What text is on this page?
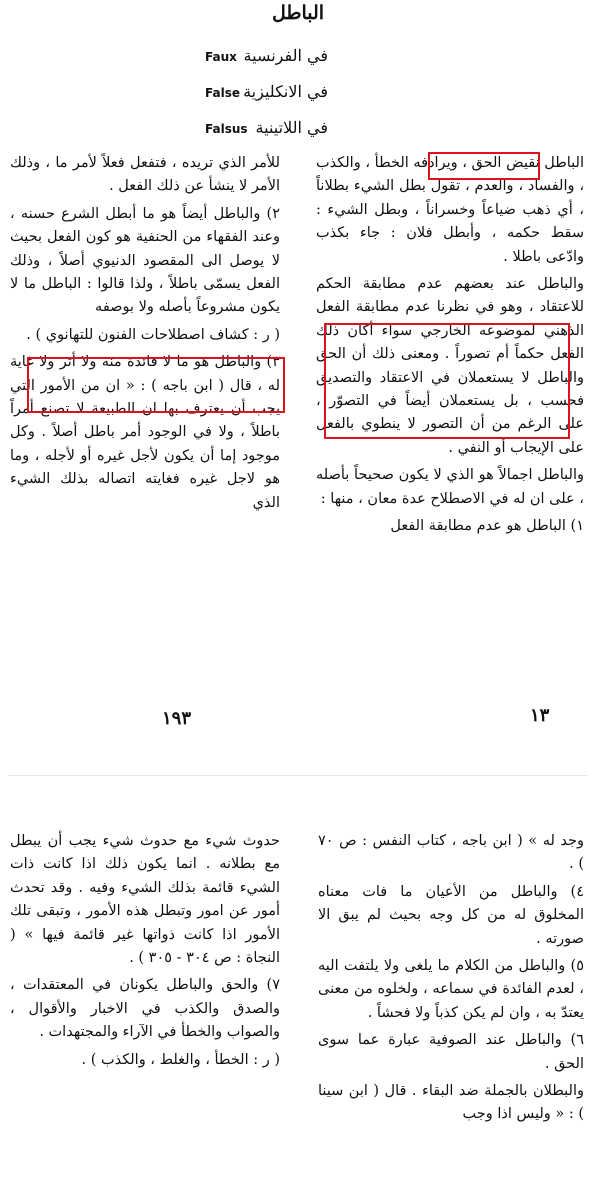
الباطل
في الفرنسية
Faux
في الانكليزية
False
في اللاتينية
Falsus

الباطل نقيض الحق ، ويرادفه الخطأ ، والكذب ، والفساد ، والعدم ، تقول بطل الشيء بطلاناً ، أي ذهب ضياعاً وخسراناً ، وبطل الشيء : سقط حكمه ، وأبطل فلان : جاء بكذب وادّعى باطلا .

والباطل عند بعضهم عدم مطابقة الحكم للاعتقاد ، وهو في نظرنا عدم مطابقة الفعل الذهني لموضوعه الخارجي سواء أكان ذلك الفعل حكماً أم تصوراً . ومعنى ذلك أن الحق والباطل لا يستعملان في الاعتقاد والتصديق فحسب ، بل يستعملان أيضاً في التصوّر ، على الرغم من أن التصور لا ينطوي بالفعل على الإيجاب أو النفي .

والباطل اجمالاً هو الذي لا يكون صحيحاً بأصله ، على ان له في الاصطلاح عدة معان ، منها :

١) الباطل هو عدم مطابقة الفعل

للأمر الذي تريده ، فتفعل فعلاً لأمر ما ، وذلك الأمر لا ينشأ عن ذلك الفعل .

٢) والباطل أيضاً هو ما أبطل الشرع حسنه ، وعند الفقهاء من الحنفية هو كون الفعل بحيث لا يوصل الى المقصود الدنيوي أصلاً ، وذلك الفعل يسمّى باطلاً ، ولذا قالوا : الباطل ما لا يكون مشروعاً بأصله ولا بوصفه

( ر : كشاف اصطلاحات الفنون للتهانوي ) .

٣) والباطل هو ما لا فائدة منه ولا أثر ولا غاية له ، قال ( ابن باجه ) : « ان من الأمور التي يجب أن يعترف بها ان الطبيعة لا تصنع أمراً باطلاً ، ولا في الوجود أمر باطل أصلاً . وكل موجود إما أن يكون لأجل غيره أو لأجله ، وما هو لاجل غيره فغايته اتصاله بذلك الشيء الذي

١٩٣	١٣

وجد له » ( ابن باجه ، كتاب النفس : ص ٧٠ ) .

٤) والباطل من الأعيان ما فات معناه المخلوق له من كل وجه بحيث لم يبق الا صورته .

٥) والباطل من الكلام ما يلغى ولا يلتفت اليه ، لعدم الفائدة في سماعه ، ولخلوه من معنى يعتدّ به ، وان لم يكن كذباً ولا فحشاً .

٦) والباطل عند الصوفية عبارة عما سوى الحق .

والبطلان بالجملة ضد البقاء . قال ( ابن سينا ) : « وليس اذا وجب

حدوث شيء مع حدوث شيء يجب أن يبطل مع بطلانه . انما يكون ذلك اذا كانت ذات الشيء قائمة بذلك الشيء وفيه . وقد تحدث أمور عن امور وتبطل هذه الأمور ، وتبقى تلك الأمور اذا كانت ذواتها غير قائمة فيها » ( النجاة : ص ٣٠٤ - ٣٠٥ ) .

٧) والحق والباطل يكونان في المعتقدات ، والصدق والكذب في الاخبار والأقوال ، والصواب والخطأ في الآراء والمجتهدات .

( ر : الخطأ ، والغلط ، والكذب ) .
